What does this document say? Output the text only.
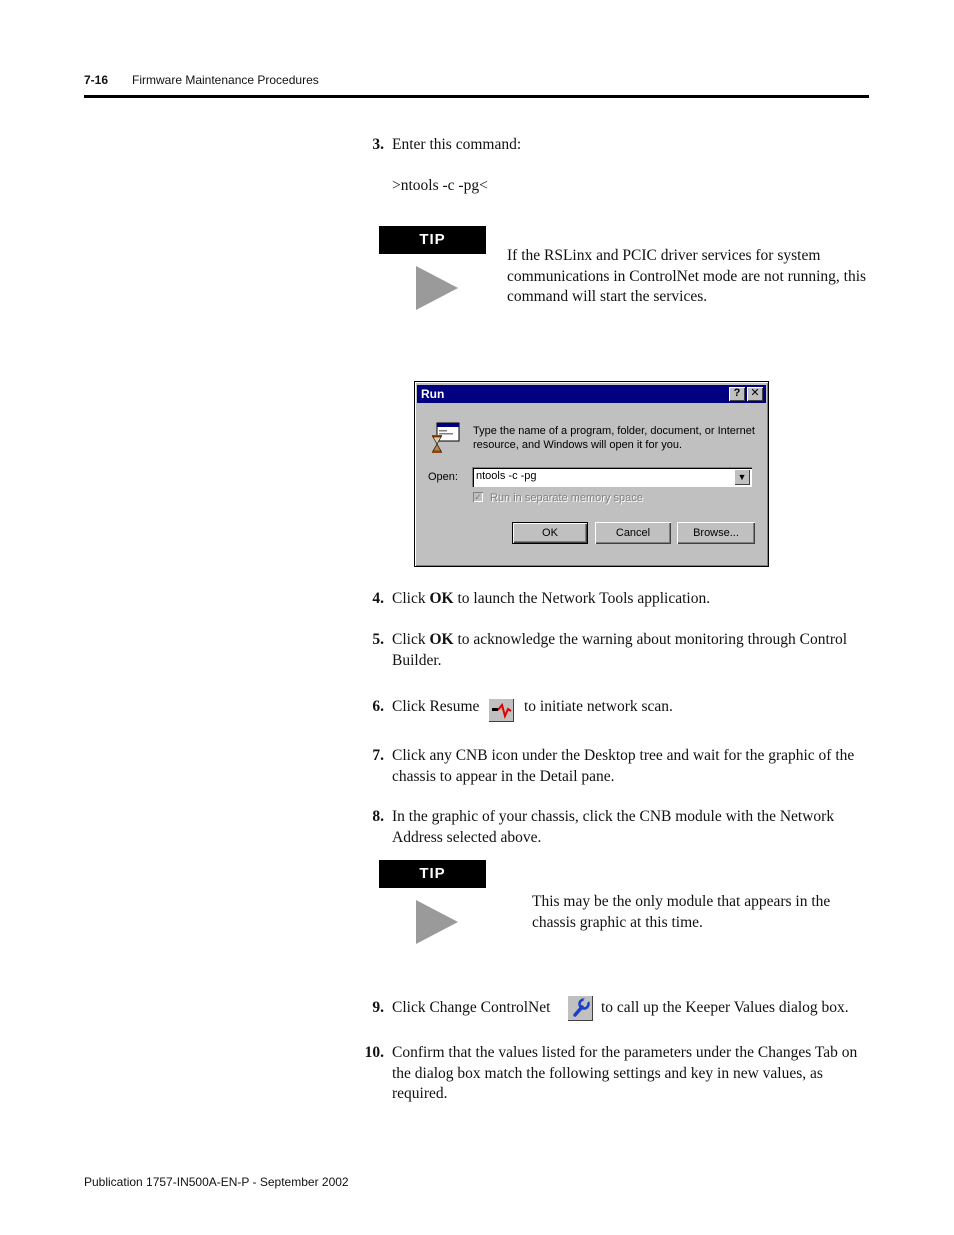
7-16 Firmware Maintenance Procedures
3. Enter this command:
>ntools -c -pg<
TIP
If the RSLinx and PCIC driver services for system communications in ControlNet mode are not running, this command will start the services.
Run	? ✕
Type the name of a program, folder, document, or Internet resource, and Windows will open it for you.
Open: ntools -c -pg	▼
✓ Run in separate memory space
OK	Cancel	Browse...
4. Click OK to launch the Network Tools application.
5. Click OK to acknowledge the warning about monitoring through Control Builder.
6. Click Resume	to initiate network scan.
7. Click any CNB icon under the Desktop tree and wait for the graphic of the chassis to appear in the Detail pane.
8. In the graphic of your chassis, click the CNB module with the Network Address selected above.
TIP
This may be the only module that appears in the chassis graphic at this time.
9. Click Change ControlNet	to call up the Keeper Values dialog box.
10. Confirm that the values listed for the parameters under the Changes Tab on the dialog box match the following settings and key in new values, as required.
Publication 1757-IN500A-EN-P - September 2002
